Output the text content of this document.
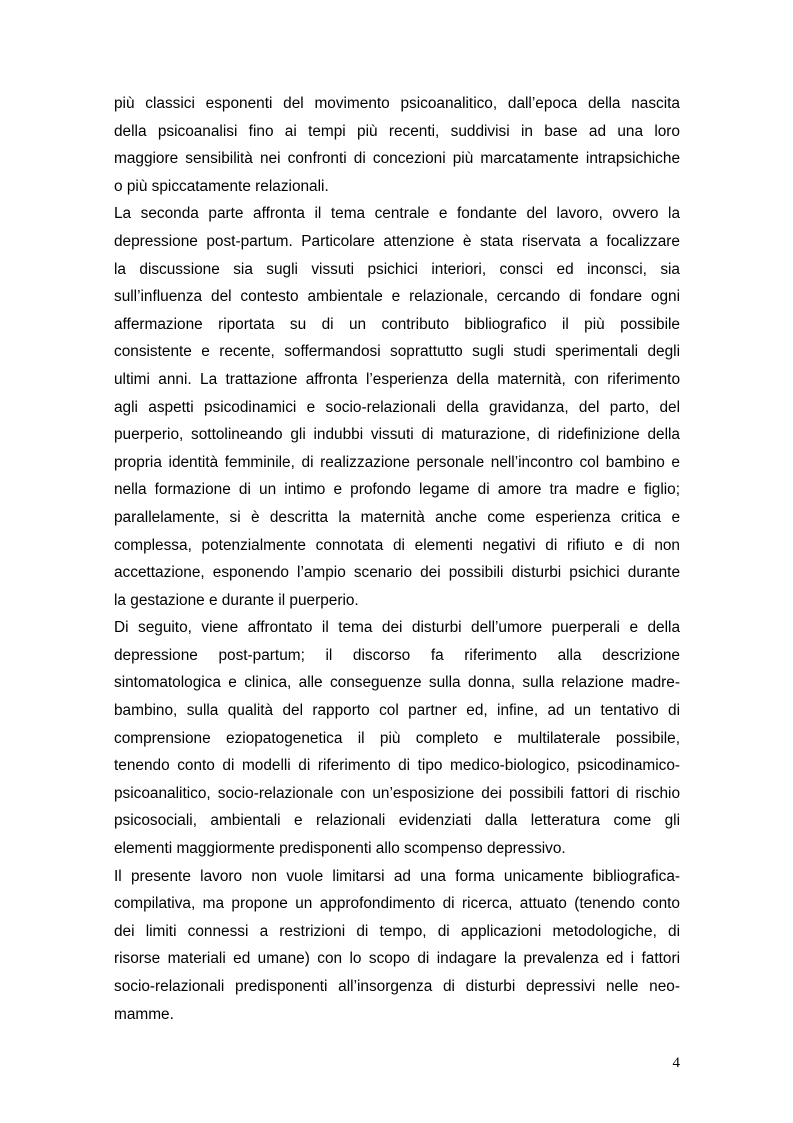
più classici esponenti del movimento psicoanalitico, dall’epoca della nascita
della psicoanalisi fino ai tempi più recenti, suddivisi in base ad una loro
maggiore sensibilità nei confronti di concezioni più marcatamente intrapsichiche
o più spiccatamente relazionali.
La seconda parte affronta il tema centrale e fondante del lavoro, ovvero la
depressione post-partum. Particolare attenzione è stata riservata a focalizzare
la discussione sia sugli vissuti psichici interiori, consci ed inconsci, sia
sull’influenza del contesto ambientale e relazionale, cercando di fondare ogni
affermazione riportata su di un contributo bibliografico il più possibile
consistente e recente, soffermandosi soprattutto sugli studi sperimentali degli
ultimi anni. La trattazione affronta l’esperienza della maternità, con riferimento
agli aspetti psicodinamici e socio-relazionali della gravidanza, del parto, del
puerperio, sottolineando gli indubbi vissuti di maturazione, di ridefinizione della
propria identità femminile, di realizzazione personale nell’incontro col bambino e
nella formazione di un intimo e profondo legame di amore tra madre e figlio;
parallelamente, si è descritta la maternità anche come esperienza critica e
complessa, potenzialmente connotata di elementi negativi di rifiuto e di non
accettazione, esponendo l’ampio scenario dei possibili disturbi psichici durante
la gestazione e durante il puerperio.
Di seguito, viene affrontato il tema dei disturbi dell’umore puerperali e della
depressione post-partum; il discorso fa riferimento alla descrizione
sintomatologica e clinica, alle conseguenze sulla donna, sulla relazione madre-
bambino, sulla qualità del rapporto col partner ed, infine, ad un tentativo di
comprensione eziopatogenetica il più completo e multilaterale possibile,
tenendo conto di modelli di riferimento di tipo medico-biologico, psicodinamico-
psicoanalitico, socio-relazionale con un’esposizione dei possibili fattori di rischio
psicosociali, ambientali e relazionali evidenziati dalla letteratura come gli
elementi maggiormente predisponenti allo scompenso depressivo.
Il presente lavoro non vuole limitarsi ad una forma unicamente bibliografica-
compilativa, ma propone un approfondimento di ricerca, attuato (tenendo conto
dei limiti connessi a restrizioni di tempo, di applicazioni metodologiche, di
risorse materiali ed umane) con lo scopo di indagare la prevalenza ed i fattori
socio-relazionali predisponenti all’insorgenza di disturbi depressivi nelle neo-
mamme.
4
